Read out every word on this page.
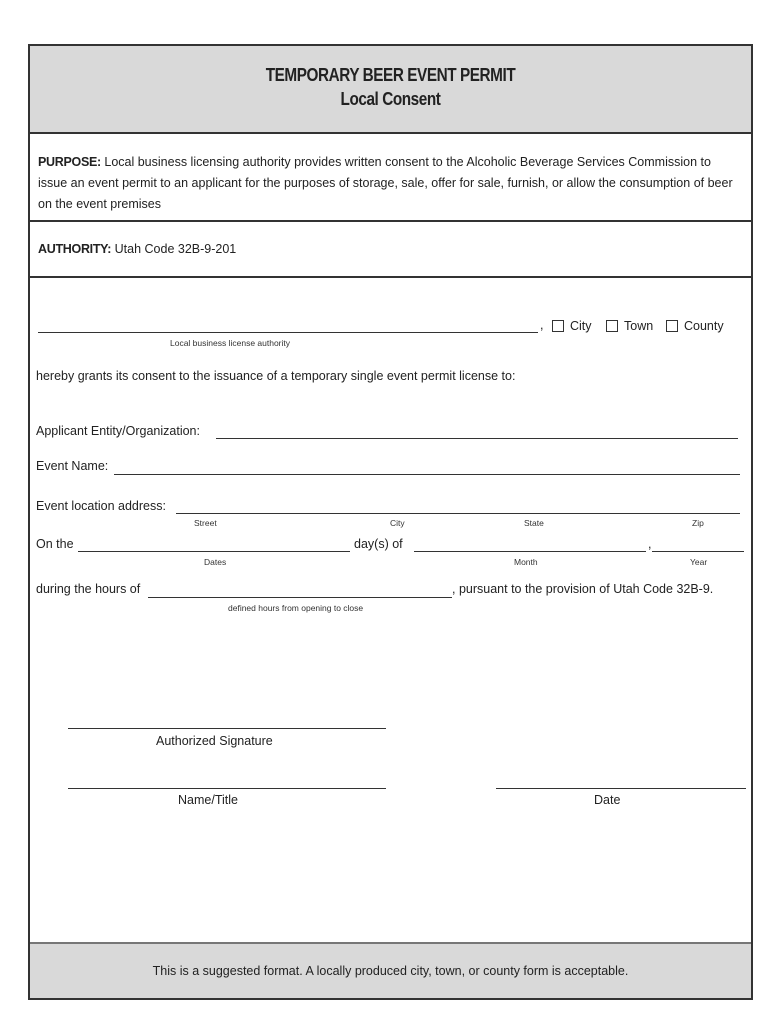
TEMPORARY BEER EVENT PERMIT
Local Consent
PURPOSE: Local business licensing authority provides written consent to the Alcoholic Beverage Services Commission to issue an event permit to an applicant for the purposes of storage, sale, offer for sale, furnish, or allow the consumption of beer on the event premises
AUTHORITY: Utah Code 32B-9-201
,
Local business license authority
City	Town County
hereby grants its consent to the issuance of a temporary single event permit license to:
Applicant Entity/Organization:
Event Name:
Event location address:
Street	City	State	Zip
On the	day(s) of	,
Dates	Month	Year
during the hours of	, pursuant to the provision of Utah Code 32B-9.
defined hours from opening to close
Authorized Signature
Name/Title	Date
This is a suggested format. A locally produced city, town, or county form is acceptable.
